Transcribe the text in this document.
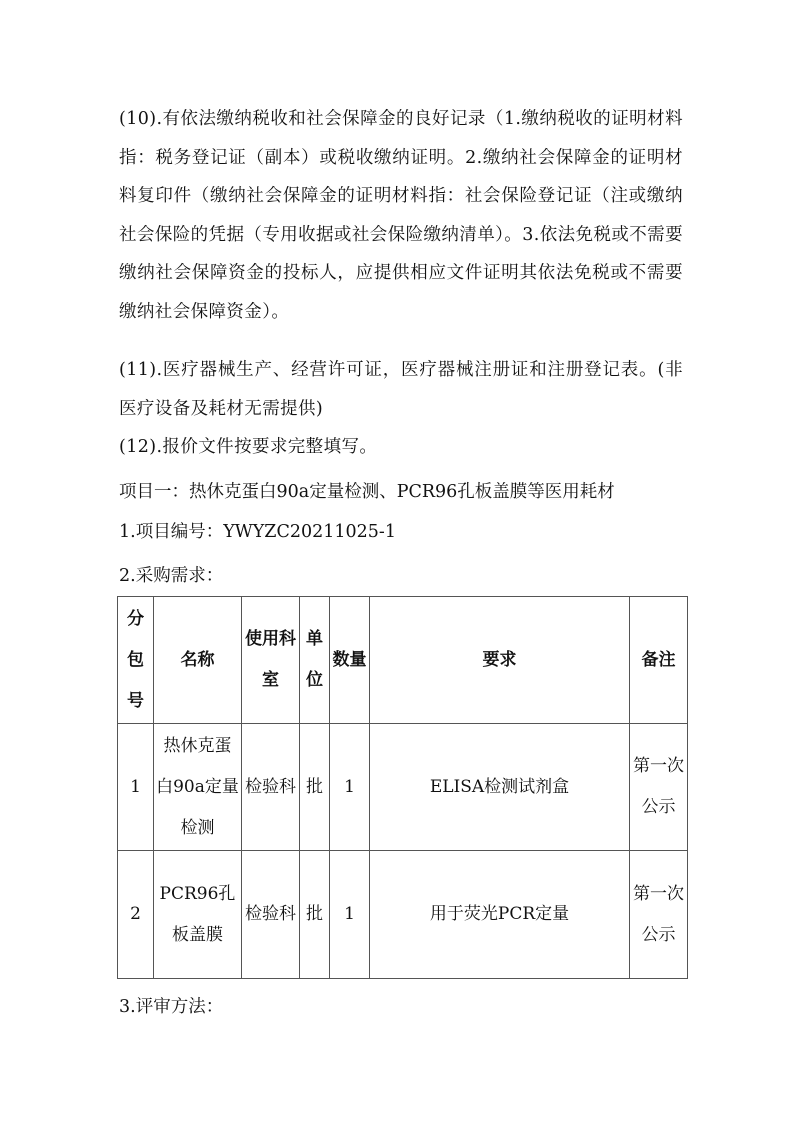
(10).有依法缴纳税收和社会保障金的良好记录（1.缴纳税收的证明材料指：税务登记证（副本）或税收缴纳证明。2.缴纳社会保障金的证明材料复印件（缴纳社会保障金的证明材料指：社会保险登记证（注或缴纳社会保险的凭据（专用收据或社会保险缴纳清单）。3.依法免税或不需要缴纳社会保障资金的投标人，应提供相应文件证明其依法免税或不需要缴纳社会保障资金）。

(11).医疗器械生产、经营许可证，医疗器械注册证和注册登记表。(非医疗设备及耗材无需提供)

(12).报价文件按要求完整填写。

项目一：热休克蛋白90a定量检测、PCR96孔板盖膜等医用耗材

1.项目编号：YWYZC20211025-1

2.采购需求：

分包号	名称	使用科室	单位	数量	要求	备注
1	热休克蛋白90a定量检测	检验科	批	1	ELISA检测试剂盒	第一次公示
2	PCR96孔板盖膜	检验科	批	1	用于荧光PCR定量	第一次公示

3.评审方法：
